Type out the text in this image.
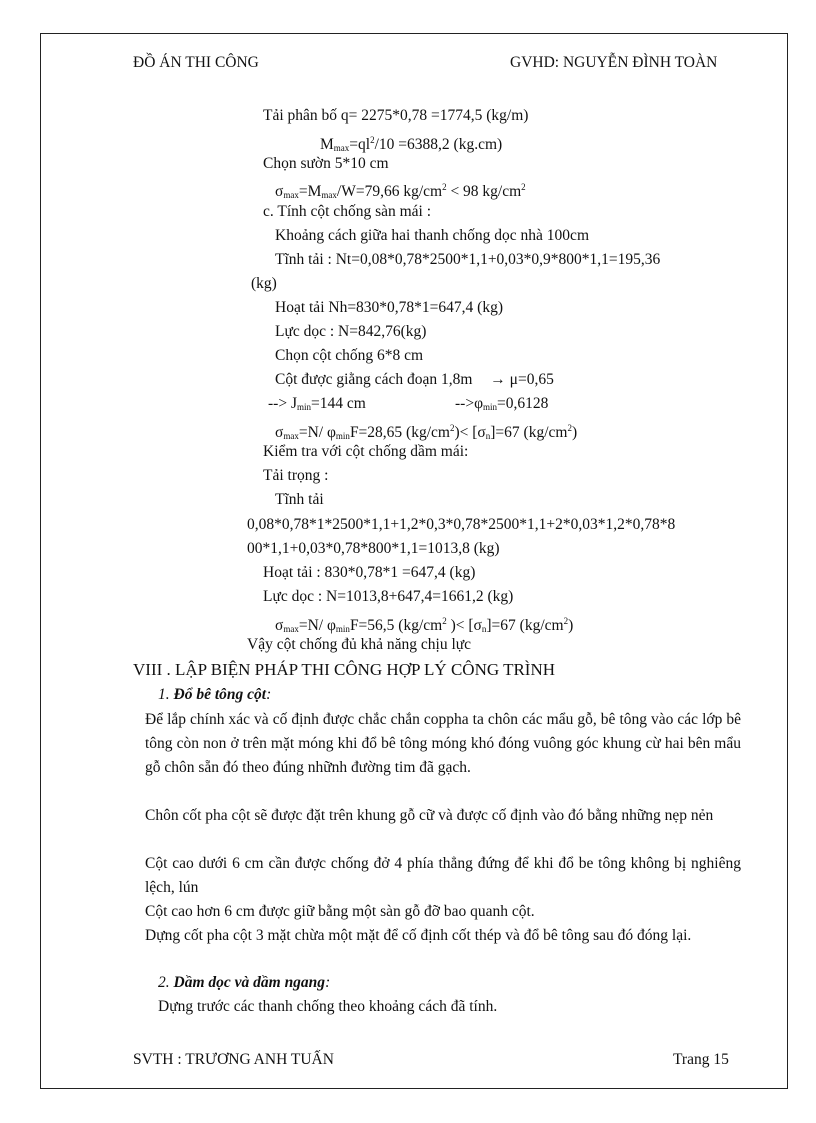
ĐỒ ÁN THI CÔNG	GVHD: NGUYỄN ĐÌNH TOÀN
Tải phân bố q= 2275*0,78 =1774,5 (kg/m)
$M_{max}=ql^2/10 =6388,2$ (kg.cm)
Chọn sườn 5*10 cm
$\sigma_{max}=M_{max}/W=79,66$ $kg/cm^2 < 98$ $kg/cm^2$
c. Tính cột chống sàn mái :
Khoảng cách giữa hai thanh chống dọc nhà 100cm
Tĩnh tải : Nt=0,08*0,78*2500*1,1+0,03*0,9*800*1,1=195,36
(kg)
Hoạt tải Nh=830*0,78*1=647,4 (kg)
Lực dọc : N=842,76(kg)
Chọn cột chống 6*8 cm
Cột được giằng cách đoạn 1,8m → μ=0,65
--> $J_{min}=144$ cm	$-->\varphi_{min}=0,6128$
$\sigma_{max}=N/$ $\varphi_{min}F=28,65$ $(kg/cm^2)< [\sigma_n]=67$ $(kg/cm^2)$
Kiểm tra với cột chống dầm mái:
Tải trọng :
Tĩnh tải
0,08*0,78*1*2500*1,1+1,2*0,3*0,78*2500*1,1+2*0,03*1,2*0,78*8
00*1,1+0,03*0,78*800*1,1=1013,8 (kg)
Hoạt tải : 830*0,78*1 =647,4 (kg)
Lực dọc : N=1013,8+647,4=1661,2 (kg)
$\sigma_{max}=N/$ $\varphi_{min}F=56,5$ ($kg/cm^2$ )< $[\sigma_n]=67$ $(kg/cm^2)$
Vậy cột chống đủ khả năng chịu lực
VIII . LẬP BIỆN PHÁP THI CÔNG HỢP LÝ CÔNG TRÌNH
1. Đổ bê tông cột:
Để lắp chính xác và cố định được chắc chắn coppha ta chôn các mẩu gỗ, bê tông vào các lớp bê tông còn non ở trên mặt móng khi đổ bê tông móng khó đóng vuông góc khung cừ hai bên mẩu gỗ chôn sẵn đó theo đúng nhữnh đường tim đã gạch.
Chôn cốt pha cột sẽ được đặt trên khung gỗ cữ và được cố định vào đó bằng những nẹp nẻn
Cột cao dưới 6 cm cần được chống đở 4 phía thẳng đứng để khi đổ be tông không bị nghiêng lệch, lún
Cột cao hơn 6 cm được giữ bằng một sàn gỗ đỡ bao quanh cột.
Dựng cốt pha cột 3 mặt chừa một mặt để cố định cốt thép và đổ bê tông sau đó đóng lại.
2. Dầm dọc và dầm ngang:
Dựng trước các thanh chống theo khoảng cách đã tính.
SVTH : TRƯƠNG ANH TUẤN	Trang 15
